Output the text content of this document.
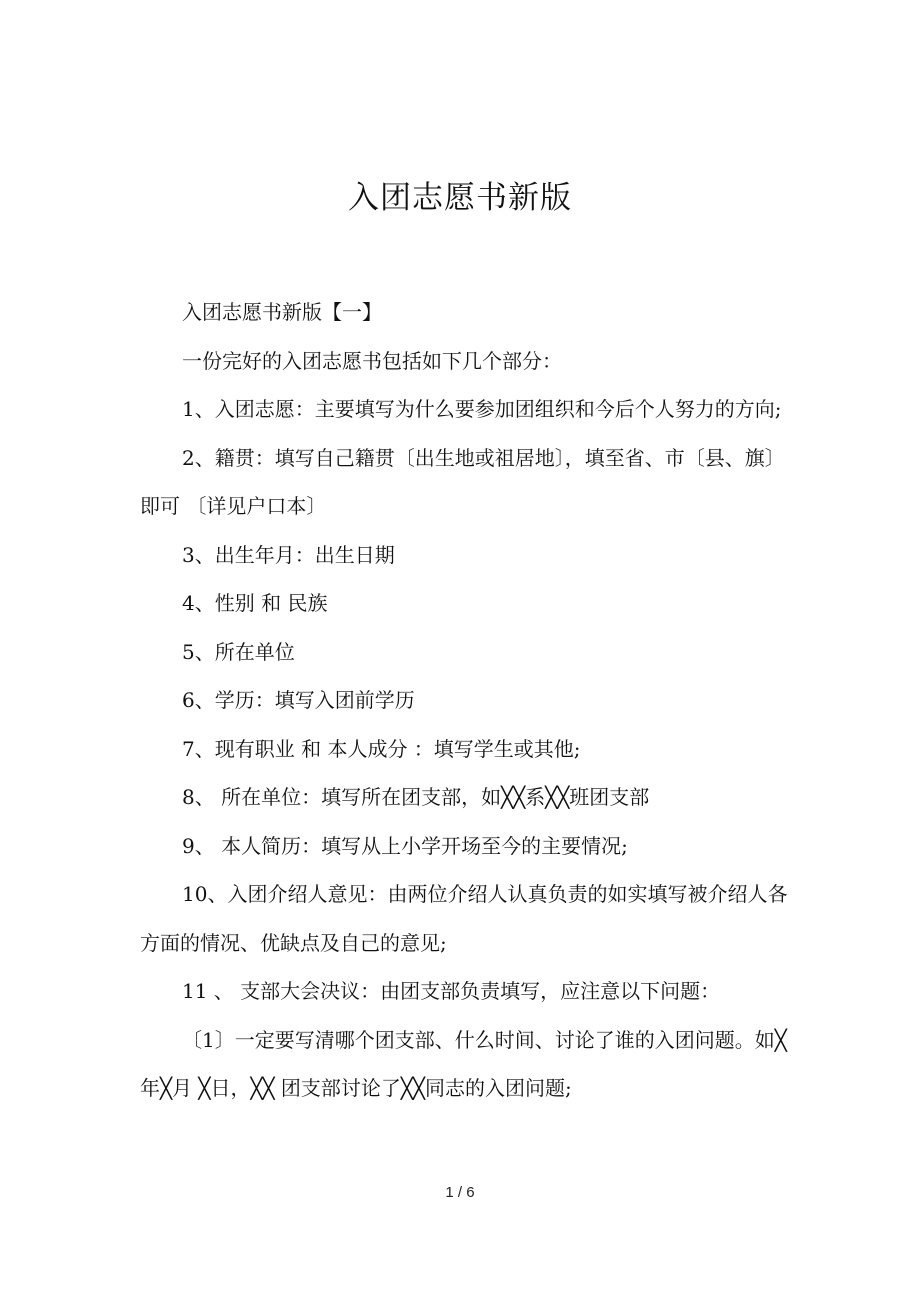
入团志愿书新版

入团志愿书新版【一】

一份完好的入团志愿书包括如下几个部分：

1、入团志愿：主要填写为什么要参加团组织和今后个人努力的方向;

2、籍贯：填写自己籍贯〔出生地或祖居地〕，填至省、市〔县、旗〕即可 〔详见户口本〕

3、出生年月：出生日期

4、性别 和 民族

5、所在单位

6、学历：填写入团前学历

7、现有职业 和 本人成分 ：填写学生或其他;

8、 所在单位：填写所在团支部，如╳╳系╳╳班团支部

9、 本人简历：填写从上小学开场至今的主要情况;

10、入团介绍人意见：由两位介绍人认真负责的如实填写被介绍人各方面的情况、优缺点及自己的意见;

11 、 支部大会决议：由团支部负责填写，应注意以下问题：

〔1〕一定要写清哪个团支部、什么时间、讨论了谁的入团问题。如╳ 年╳月 ╳日，╳╳ 团支部讨论了╳╳同志的入团问题;

1 / 6
